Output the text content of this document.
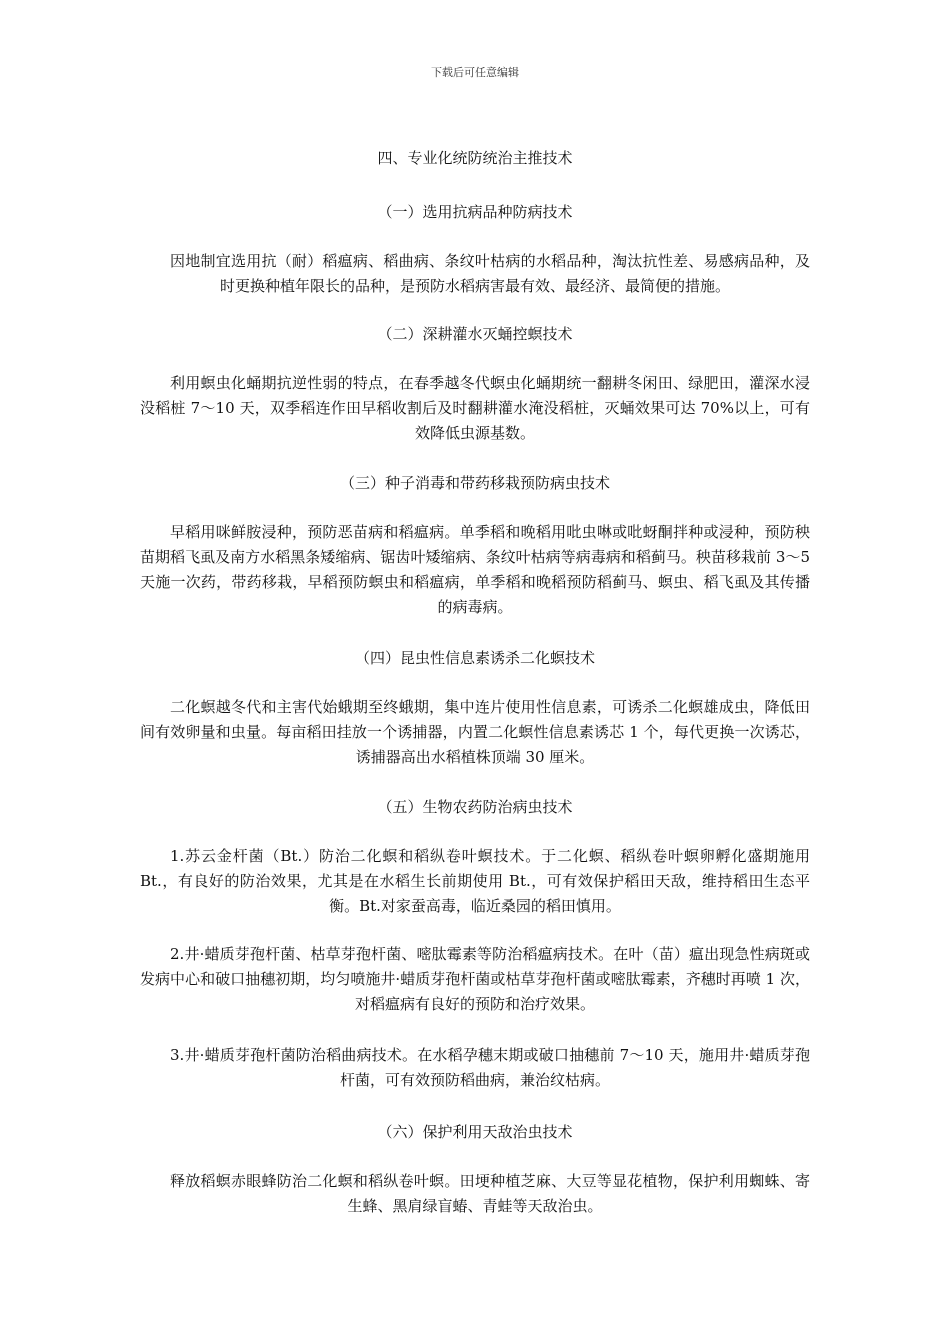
下载后可任意编辑
四、专业化统防统治主推技术
（一）选用抗病品种防病技术
因地制宜选用抗（耐）稻瘟病、稻曲病、条纹叶枯病的水稻品种，淘汰抗性差、易感病品种，及时更换种植年限长的品种，是预防水稻病害最有效、最经济、最简便的措施。
（二）深耕灌水灭蛹控螟技术
利用螟虫化蛹期抗逆性弱的特点，在春季越冬代螟虫化蛹期统一翻耕冬闲田、绿肥田，灌深水浸没稻桩 7～10 天，双季稻连作田早稻收割后及时翻耕灌水淹没稻桩，灭蛹效果可达 70%以上，可有效降低虫源基数。
（三）种子消毒和带药移栽预防病虫技术
早稻用咪鲜胺浸种，预防恶苗病和稻瘟病。单季稻和晚稻用吡虫啉或吡蚜酮拌种或浸种，预防秧苗期稻飞虱及南方水稻黑条矮缩病、锯齿叶矮缩病、条纹叶枯病等病毒病和稻蓟马。秧苗移栽前 3～5 天施一次药，带药移栽，早稻预防螟虫和稻瘟病，单季稻和晚稻预防稻蓟马、螟虫、稻飞虱及其传播的病毒病。
（四）昆虫性信息素诱杀二化螟技术
二化螟越冬代和主害代始蛾期至终蛾期，集中连片使用性信息素，可诱杀二化螟雄成虫，降低田间有效卵量和虫量。每亩稻田挂放一个诱捕器，内置二化螟性信息素诱芯 1 个，每代更换一次诱芯，诱捕器高出水稻植株顶端 30 厘米。
（五）生物农药防治病虫技术
1.苏云金杆菌（Bt.）防治二化螟和稻纵卷叶螟技术。于二化螟、稻纵卷叶螟卵孵化盛期施用 Bt.，有良好的防治效果，尤其是在水稻生长前期使用 Bt.，可有效保护稻田天敌，维持稻田生态平衡。Bt.对家蚕高毒，临近桑园的稻田慎用。
2.井·蜡质芽孢杆菌、枯草芽孢杆菌、嘧肽霉素等防治稻瘟病技术。在叶（苗）瘟出现急性病斑或发病中心和破口抽穗初期，均匀喷施井·蜡质芽孢杆菌或枯草芽孢杆菌或嘧肽霉素，齐穗时再喷 1 次，对稻瘟病有良好的预防和治疗效果。
3.井·蜡质芽孢杆菌防治稻曲病技术。在水稻孕穗末期或破口抽穗前 7～10 天，施用井·蜡质芽孢杆菌，可有效预防稻曲病，兼治纹枯病。
（六）保护利用天敌治虫技术
释放稻螟赤眼蜂防治二化螟和稻纵卷叶螟。田埂种植芝麻、大豆等显花植物，保护利用蜘蛛、寄生蜂、黑肩绿盲蝽、青蛙等天敌治虫。
